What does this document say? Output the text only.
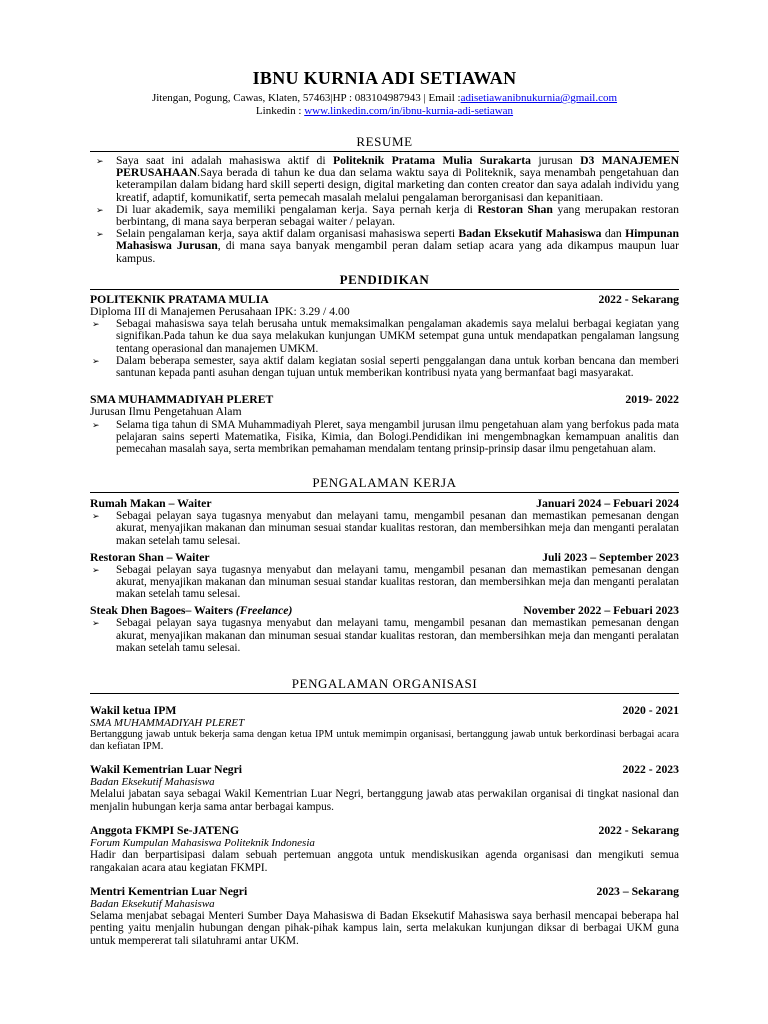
IBNU KURNIA ADI SETIAWAN
Jitengan, Pogung, Cawas, Klaten, 57463|HP : 083104987943 | Email :adisetiawanibnukurnia@gmail.com
Linkedin : www.linkedin.com/in/ibnu-kurnia-adi-setiawan
RESUME
➢ Saya saat ini adalah mahasiswa aktif di Politeknik Pratama Mulia Surakarta jurusan D3 MANAJEMEN PERUSAHAAN.Saya berada di tahun ke dua dan selama waktu saya di Politeknik, saya menambah pengetahuan dan keterampilan dalam bidang hard skill seperti design, digital marketing dan conten creator dan saya adalah individu yang kreatif, adaptif, komunikatif, serta pemecah masalah melalui pengalaman berorganisasi dan kepanitiaan.
➢ Di luar akademik, saya memiliki pengalaman kerja. Saya pernah kerja di Restoran Shan yang merupakan restoran berbintang, di mana saya berperan sebagai waiter / pelayan.
➢ Selain pengalaman kerja, saya aktif dalam organisasi mahasiswa seperti Badan Eksekutif Mahasiswa dan Himpunan Mahasiswa Jurusan, di mana saya banyak mengambil peran dalam setiap acara yang ada dikampus maupun luar kampus.
PENDIDIKAN
POLITEKNIK PRATAMA MULIA	2022 - Sekarang
Diploma III di Manajemen Perusahaan IPK: 3.29 / 4.00
➢ Sebagai mahasiswa saya telah berusaha untuk memaksimalkan pengalaman akademis saya melalui berbagai kegiatan yang signifikan.Pada tahun ke dua saya melakukan kunjungan UMKM setempat guna untuk mendapatkan pengalaman langsung tentang operasional dan manajemen UMKM.
➢ Dalam beberapa semester, saya aktif dalam kegiatan sosial seperti penggalangan dana untuk korban bencana dan memberi santunan kepada panti asuhan dengan tujuan untuk memberikan kontribusi nyata yang bermanfaat bagi masyarakat.
SMA MUHAMMADIYAH PLERET	2019- 2022
Jurusan Ilmu Pengetahuan Alam
➢ Selama tiga tahun di SMA Muhammadiyah Pleret, saya mengambil jurusan ilmu pengetahuan alam yang berfokus pada mata pelajaran sains seperti Matematika, Fisika, Kimia, dan Bologi.Pendidikan ini mengembnagkan kemampuan analitis dan pemecahan masalah saya, serta membrikan pemahaman mendalam tentang prinsip-prinsip dasar ilmu pengetahuan alam.
PENGALAMAN KERJA
Rumah Makan – Waiter	Januari 2024 – Febuari 2024
➢ Sebagai pelayan saya tugasnya menyabut dan melayani tamu, mengambil pesanan dan memastikan pemesanan dengan akurat, menyajikan makanan dan minuman sesuai standar kualitas restoran, dan membersihkan meja dan menganti peralatan makan setelah tamu selesai.
Restoran Shan – Waiter	Juli 2023 – September 2023
➢ Sebagai pelayan saya tugasnya menyabut dan melayani tamu, mengambil pesanan dan memastikan pemesanan dengan akurat, menyajikan makanan dan minuman sesuai standar kualitas restoran, dan membersihkan meja dan menganti peralatan makan setelah tamu selesai.
Steak Dhen Bagoes– Waiters (Freelance)	November 2022 – Febuari 2023
➢ Sebagai pelayan saya tugasnya menyabut dan melayani tamu, mengambil pesanan dan memastikan pemesanan dengan akurat, menyajikan makanan dan minuman sesuai standar kualitas restoran, dan membersihkan meja dan menganti peralatan makan setelah tamu selesai.
PENGALAMAN ORGANISASI
Wakil ketua IPM	2020 - 2021
SMA MUHAMMADIYAH PLERET
Bertanggung jawab untuk bekerja sama dengan ketua IPM untuk memimpin organisasi, bertanggung jawab untuk berkordinasi berbagai acara dan kefiatan IPM.
Wakil Kementrian Luar Negri	2022 - 2023
Badan Eksekutif Mahasiswa
Melalui jabatan saya sebagai Wakil Kementrian Luar Negri, bertanggung jawab atas perwakilan organisai di tingkat nasional dan menjalin hubungan kerja sama antar berbagai kampus.
Anggota FKMPI Se-JATENG	2022 - Sekarang
Forum Kumpulan Mahasiswa Politeknik Indonesia
Hadir dan berpartisipasi dalam sebuah pertemuan anggota untuk mendiskusikan agenda organisasi dan mengikuti semua rangakaian acara atau kegiatan FKMPI.
Mentri Kementrian Luar Negri	2023 – Sekarang
Badan Eksekutif Mahasiswa
Selama menjabat sebagai Menteri Sumber Daya Mahasiswa di Badan Eksekutif Mahasiswa saya berhasil mencapai beberapa hal penting yaitu menjalin hubungan dengan pihak-pihak kampus lain, serta melakukan kunjungan diksar di berbagai UKM guna untuk mempererat tali silatuhrami antar UKM.
